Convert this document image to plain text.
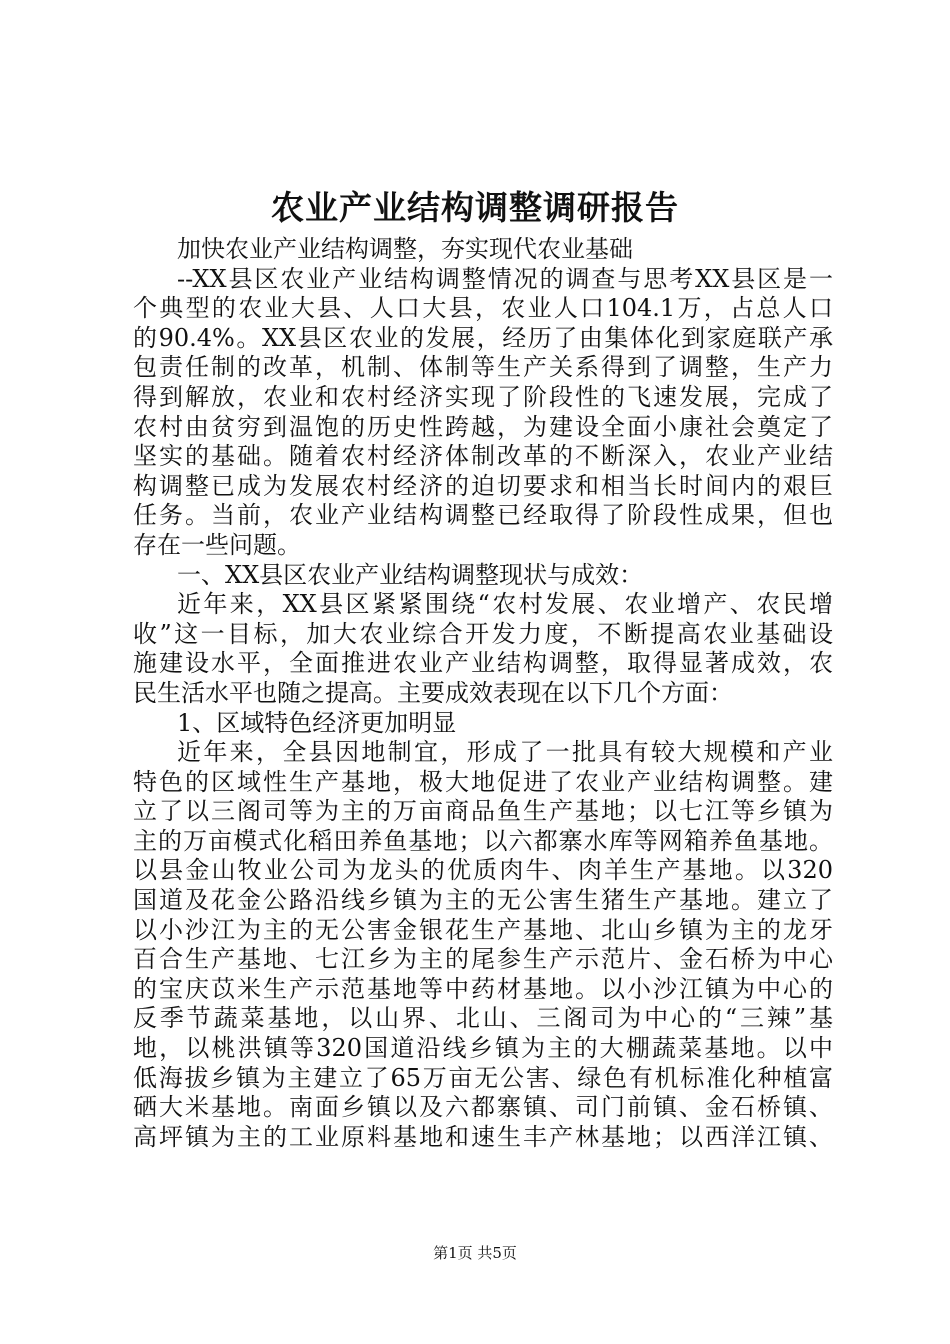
农业产业结构调整调研报告
加快农业产业结构调整，夯实现代农业基础
--XX县区农业产业结构调整情况的调查与思考XX县区是一
个典型的农业大县、人口大县，农业人口104.1万，占总人口
的90.4%。XX县区农业的发展，经历了由集体化到家庭联产承
包责任制的改革，机制、体制等生产关系得到了调整，生产力
得到解放，农业和农村经济实现了阶段性的飞速发展，完成了
农村由贫穷到温饱的历史性跨越，为建设全面小康社会奠定了
坚实的基础。随着农村经济体制改革的不断深入，农业产业结
构调整已成为发展农村经济的迫切要求和相当长时间内的艰巨
任务。当前，农业产业结构调整已经取得了阶段性成果，但也
存在一些问题。
一、XX县区农业产业结构调整现状与成效：
近年来，XX县区紧紧围绕“农村发展、农业增产、农民增
收”这一目标，加大农业综合开发力度，不断提高农业基础设
施建设水平，全面推进农业产业结构调整，取得显著成效，农
民生活水平也随之提高。主要成效表现在以下几个方面：
1、区域特色经济更加明显
近年来，全县因地制宜，形成了一批具有较大规模和产业
特色的区域性生产基地，极大地促进了农业产业结构调整。建
立了以三阁司等为主的万亩商品鱼生产基地；以七江等乡镇为
主的万亩模式化稻田养鱼基地；以六都寨水库等网箱养鱼基地。
以县金山牧业公司为龙头的优质肉牛、肉羊生产基地。以320
国道及花金公路沿线乡镇为主的无公害生猪生产基地。建立了
以小沙江为主的无公害金银花生产基地、北山乡镇为主的龙牙
百合生产基地、七江乡为主的尾参生产示范片、金石桥为中心
的宝庆苡米生产示范基地等中药材基地。以小沙江镇为中心的
反季节蔬菜基地，以山界、北山、三阁司为中心的“三辣”基
地，以桃洪镇等320国道沿线乡镇为主的大棚蔬菜基地。以中
低海拔乡镇为主建立了65万亩无公害、绿色有机标准化种植富
硒大米基地。南面乡镇以及六都寨镇、司门前镇、金石桥镇、
高坪镇为主的工业原料基地和速生丰产林基地；以西洋江镇、
第1页 共5页
